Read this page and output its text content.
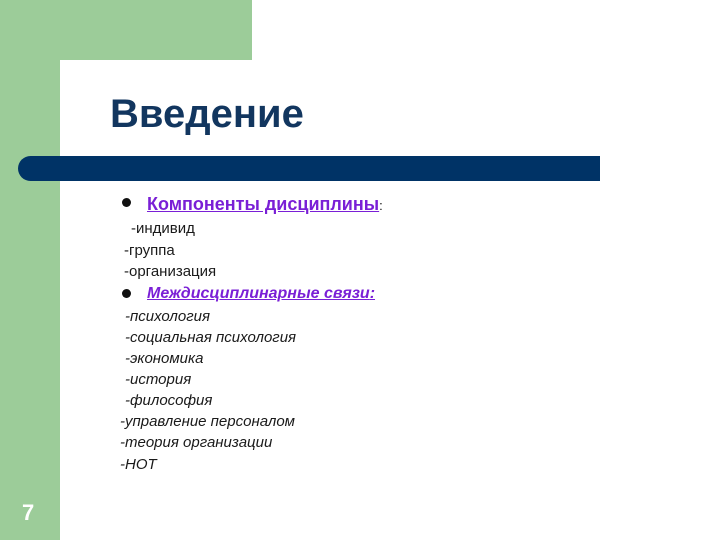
Введение
Компоненты дисциплины:
-индивид
-группа
-организация
Междисциплинарные связи:
-психология
-социальная психология
-экономика
-история
-философия
-управление персоналом
-теория организации
-НОТ
7
